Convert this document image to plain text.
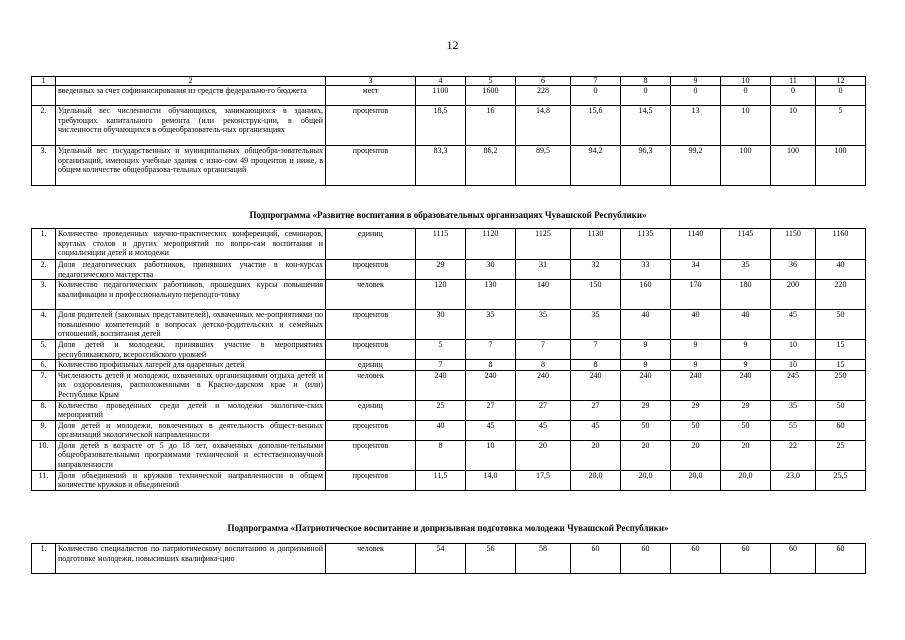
12
1	2	3	4	5	6	7	8	9	10	11	12
	введенных за счет софинансирования из средств федерально-го бюджета	мест	1100	1600	228	0	0	0	0	0	0
2.	Удельный вес численности обучающихся, занимающихся в зданиях, требующих капитального ремонта (или реконструк-ции, в общей численности обучающихся в общеобразователь-ных организациях	процентов	18,5	16	14,8	15,6	14,5	13	10	10	5
3.	Удельный вес государственных и муниципальных общеобра-зовательных организаций, имеющих учебные здания с изно-сом 49 процентов и ниже, в общем количестве общеобразова-тельных организаций	процентов	83,3	86,2	89,5	94,2	96,3	99,2	100	100	100
Подпрограмма «Развитие воспитания в образовательных организациях Чувашской Республики»
1.	Количество проведенных научно-практических конференций, семинаров, круглых столов и других мероприятий по вопро-сам воспитания и социализации детей и молодежи	единиц	1115	1120	1125	1130	1135	1140	1145	1150	1160
2.	Доля педагогических работников, принявших участие в кон-курсах педагогического мастерства	процентов	29	30	31	32	33	34	35	36	40
3.	Количество педагогических работников, прошедших курсы повышения квалификации и профессиональную переподго-товку	человек	120	130	140	150	160	170	180	200	220
4.	Доля родителей (законных представителей), охваченных ме-роприятиями по повышению компетенций в вопросах детско-родительских и семейных отношений, воспитания детей	процентов	30	35	35	35	40	40	40	45	50
5.	Доля детей и молодежи, принявших участие в мероприятиях республиканского, всероссийского уровней	процентов	5	7	7	7	9	9	9	10	15
6.	Количество профильных лагерей для одаренных детей	единиц	7	8	8	8	9	9	9	10	15
7.	Численность детей и молодежи, охваченных организациями отдыха детей и их оздоровления, расположенными в Красно-дарском крае и (или) Республике Крым	человек	240	240	240	240	240	240	240	245	250
8.	Количество проведенных среди детей и молодежи экологиче-ских мероприятий	единиц	25	27	27	27	29	29	29	35	50
9.	Доля детей и молодежи, вовлеченных в деятельность общест-венных организаций экологической направленности	процентов	40	45	45	45	50	50	50	55	60
10.	Доля детей в возрасте от 5 до 18 лет, охваченных дополни-тельными общеобразовательными программами технической и естественнонаучной направленности	процентов	8	10	20	20	20	20	20	22	25
11.	Доля объединений и кружков технической направленности в общем количестве кружков и объединений	процентов	11,5	14,0	17,5	20,0	20,0	20,0	20,0	23,0	25,5
Подпрограмма «Патриотическое воспитание и допризывная подготовка молодежи Чувашской Республики»
1.	Количество специалистов по патриотическому воспитанию и допризывной подготовке молодежи, повысивших квалифика-цию	человек	54	56	58	60	60	60	60	60	60
